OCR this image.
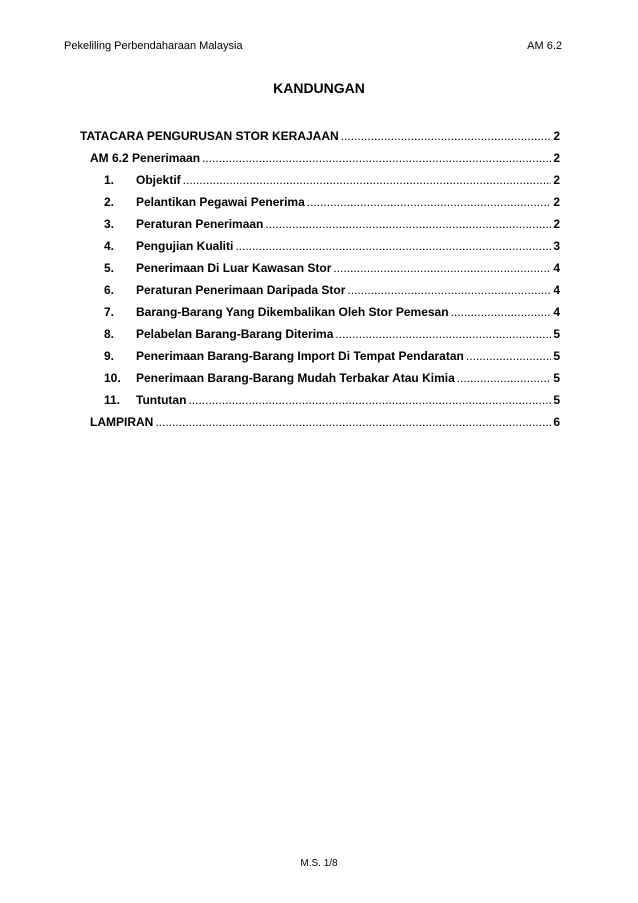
Pekeliling Perbendaharaan Malaysia	AM 6.2
KANDUNGAN
TATACARA PENGURUSAN STOR KERAJAAN .....	2
AM 6.2 Penerimaan .....	2
1.	Objektif .....	2
2.	Pelantikan Pegawai Penerima .....	2
3.	Peraturan Penerimaan .....	2
4.	Pengujian Kualiti .....	3
5.	Penerimaan Di Luar Kawasan Stor .....	4
6.	Peraturan Penerimaan Daripada Stor .....	4
7.	Barang-Barang Yang Dikembalikan Oleh Stor Pemesan .....	4
8.	Pelabelan Barang-Barang Diterima .....	5
9.	Penerimaan Barang-Barang Import Di Tempat Pendaratan .....	5
10.	Penerimaan Barang-Barang Mudah Terbakar Atau Kimia .....	5
11.	Tuntutan .....	5
LAMPIRAN .....	6
M.S. 1/8
